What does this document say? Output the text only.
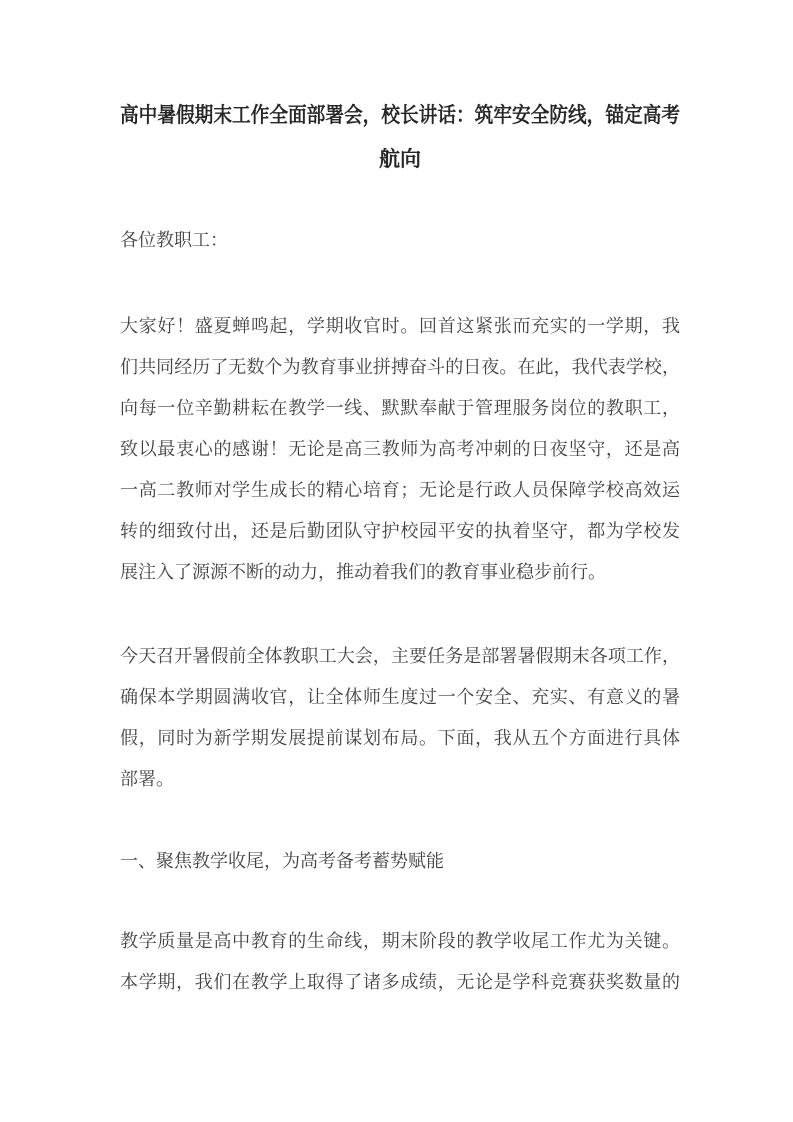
高中暑假期末工作全面部署会，校长讲话：筑牢安全防线，锚定高考
航向
各位教职工：
大家好！盛夏蝉鸣起，学期收官时。回首这紧张而充实的一学期，我
们共同经历了无数个为教育事业拼搏奋斗的日夜。在此，我代表学校，
向每一位辛勤耕耘在教学一线、默默奉献于管理服务岗位的教职工，
致以最衷心的感谢！无论是高三教师为高考冲刺的日夜坚守，还是高
一高二教师对学生成长的精心培育；无论是行政人员保障学校高效运
转的细致付出，还是后勤团队守护校园平安的执着坚守，都为学校发
展注入了源源不断的动力，推动着我们的教育事业稳步前行。
今天召开暑假前全体教职工大会，主要任务是部署暑假期末各项工作，
确保本学期圆满收官，让全体师生度过一个安全、充实、有意义的暑
假，同时为新学期发展提前谋划布局。下面，我从五个方面进行具体
部署。
一、聚焦教学收尾，为高考备考蓄势赋能
教学质量是高中教育的生命线，期末阶段的教学收尾工作尤为关键。
本学期，我们在教学上取得了诸多成绩，无论是学科竞赛获奖数量的
